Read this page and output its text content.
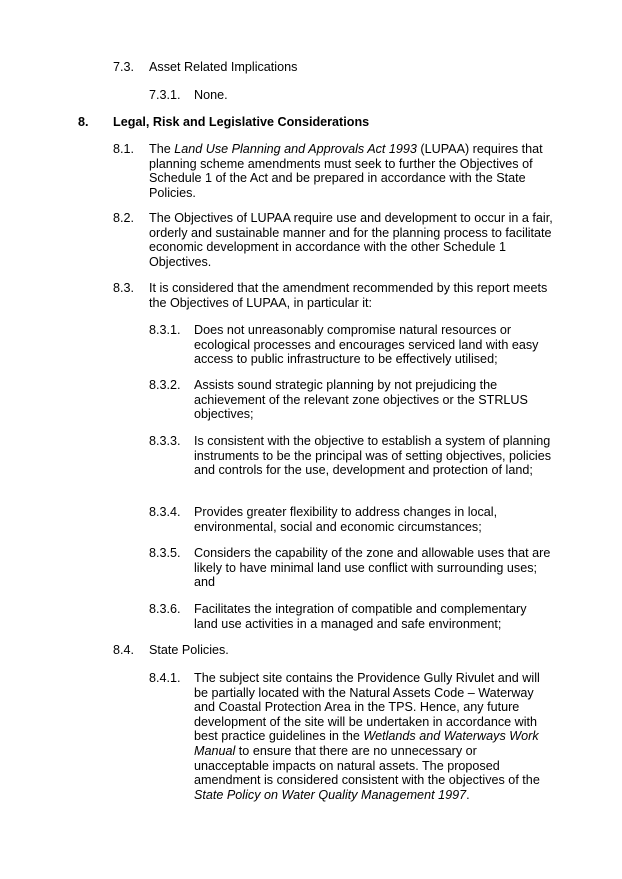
7.3.	Asset Related Implications
7.3.1.	None.
8.	Legal, Risk and Legislative Considerations
8.1.	The Land Use Planning and Approvals Act 1993 (LUPAA) requires that planning scheme amendments must seek to further the Objectives of Schedule 1 of the Act and be prepared in accordance with the State Policies.
8.2.	The Objectives of LUPAA require use and development to occur in a fair, orderly and sustainable manner and for the planning process to facilitate economic development in accordance with the other Schedule 1 Objectives.
8.3.	It is considered that the amendment recommended by this report meets the Objectives of LUPAA, in particular it:
8.3.1.	Does not unreasonably compromise natural resources or ecological processes and encourages serviced land with easy access to public infrastructure to be effectively utilised;
8.3.2.	Assists sound strategic planning by not prejudicing the achievement of the relevant zone objectives or the STRLUS objectives;
8.3.3.	Is consistent with the objective to establish a system of planning instruments to be the principal was of setting objectives, policies and controls for the use, development and protection of land;
8.3.4.	Provides greater flexibility to address changes in local, environmental, social and economic circumstances;
8.3.5.	Considers the capability of the zone and allowable uses that are likely to have minimal land use conflict with surrounding uses; and
8.3.6.	Facilitates the integration of compatible and complementary land use activities in a managed and safe environment;
8.4.	State Policies.
8.4.1.	The subject site contains the Providence Gully Rivulet and will be partially located with the Natural Assets Code – Waterway and Coastal Protection Area in the TPS. Hence, any future development of the site will be undertaken in accordance with best practice guidelines in the Wetlands and Waterways Work Manual to ensure that there are no unnecessary or unacceptable impacts on natural assets. The proposed amendment is considered consistent with the objectives of the State Policy on Water Quality Management 1997.
